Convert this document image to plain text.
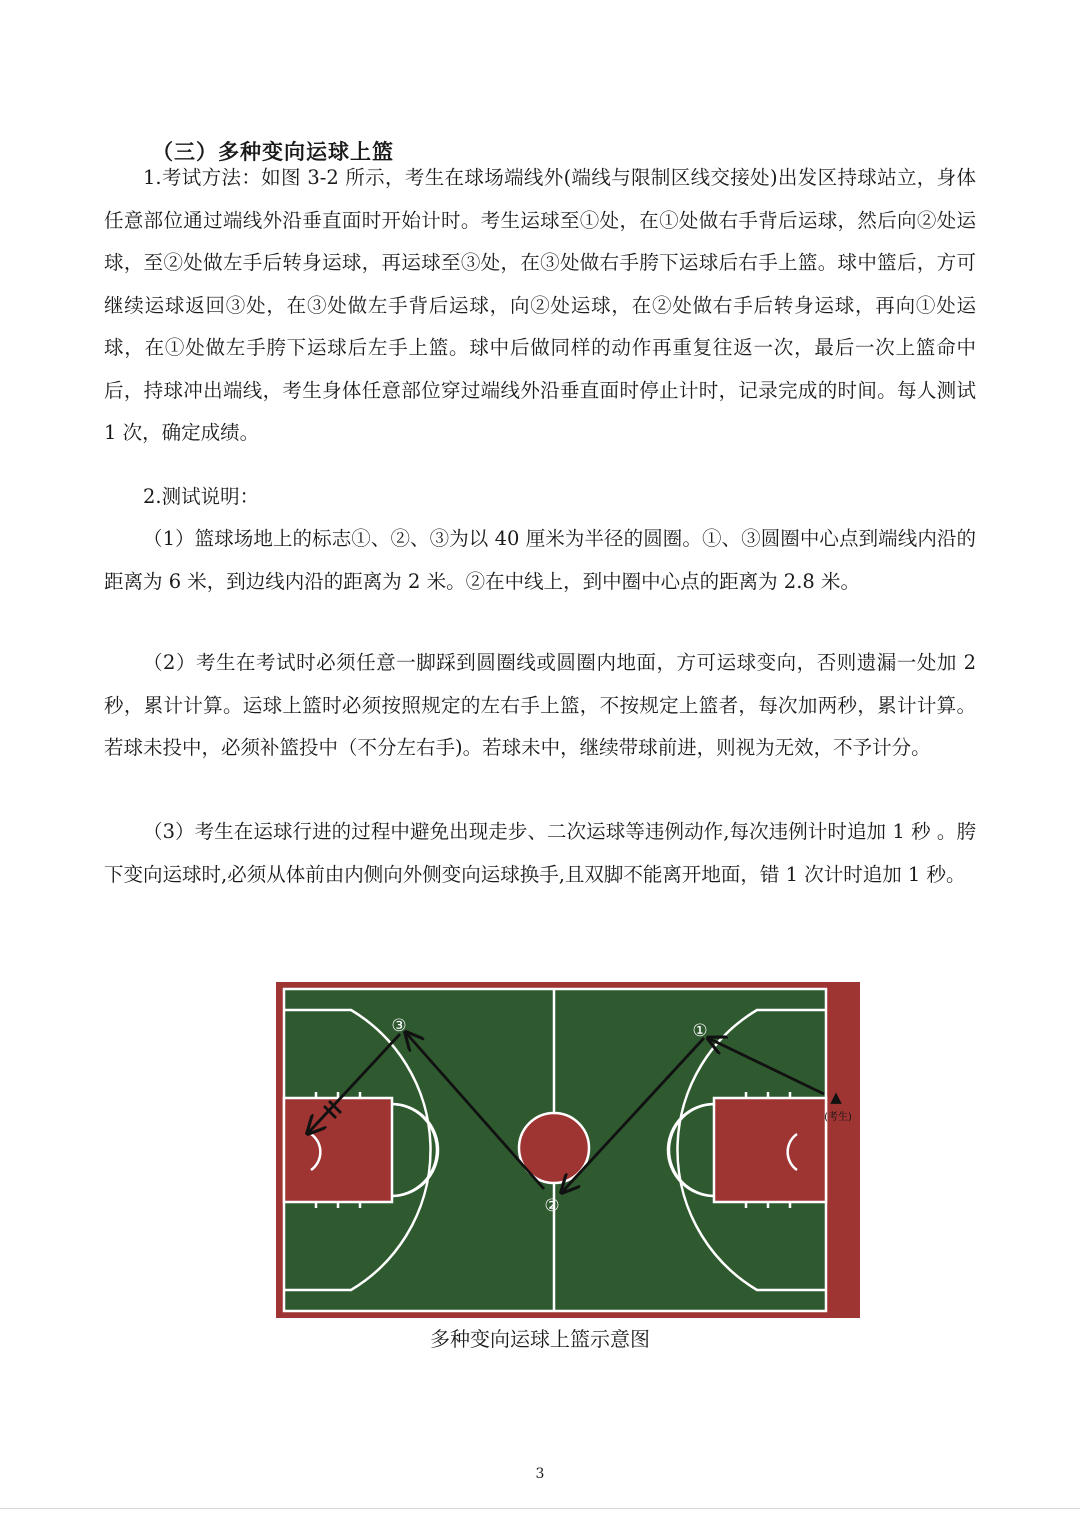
（三）多种变向运球上篮
1.考试方法：如图 3-2 所示，考生在球场端线外(端线与限制区线交接处)出发区持球站立，身体任意部位通过端线外沿垂直面时开始计时。考生运球至①处，在①处做右手背后运球，然后向②处运球，至②处做左手后转身运球，再运球至③处，在③处做右手胯下运球后右手上篮。球中篮后，方可继续运球返回③处，在③处做左手背后运球，向②处运球，在②处做右手后转身运球，再向①处运球，在①处做左手胯下运球后左手上篮。球中后做同样的动作再重复往返一次，最后一次上篮命中后，持球冲出端线，考生身体任意部位穿过端线外沿垂直面时停止计时，记录完成的时间。每人测试 1 次，确定成绩。
2.测试说明：
（1）篮球场地上的标志①、②、③为以 40 厘米为半径的圆圈。①、③圆圈中心点到端线内沿的距离为 6 米，到边线内沿的距离为 2 米。②在中线上，到中圈中心点的距离为 2.8 米。
（2）考生在考试时必须任意一脚踩到圆圈线或圆圈内地面，方可运球变向，否则遗漏一处加 2 秒，累计计算。运球上篮时必须按照规定的左右手上篮，不按规定上篮者，每次加两秒，累计计算。若球未投中，必须补篮投中（不分左右手)。若球未中，继续带球前进，则视为无效，不予计分。
（3）考生在运球行进的过程中避免出现走步、二次运球等违例动作,每次违例计时追加 1 秒 。胯下变向运球时,必须从体前由内侧向外侧变向运球换手,且双脚不能离开地面，错 1 次计时追加 1 秒。
①
③
②
▲
(考生)
多种变向运球上篮示意图
3
